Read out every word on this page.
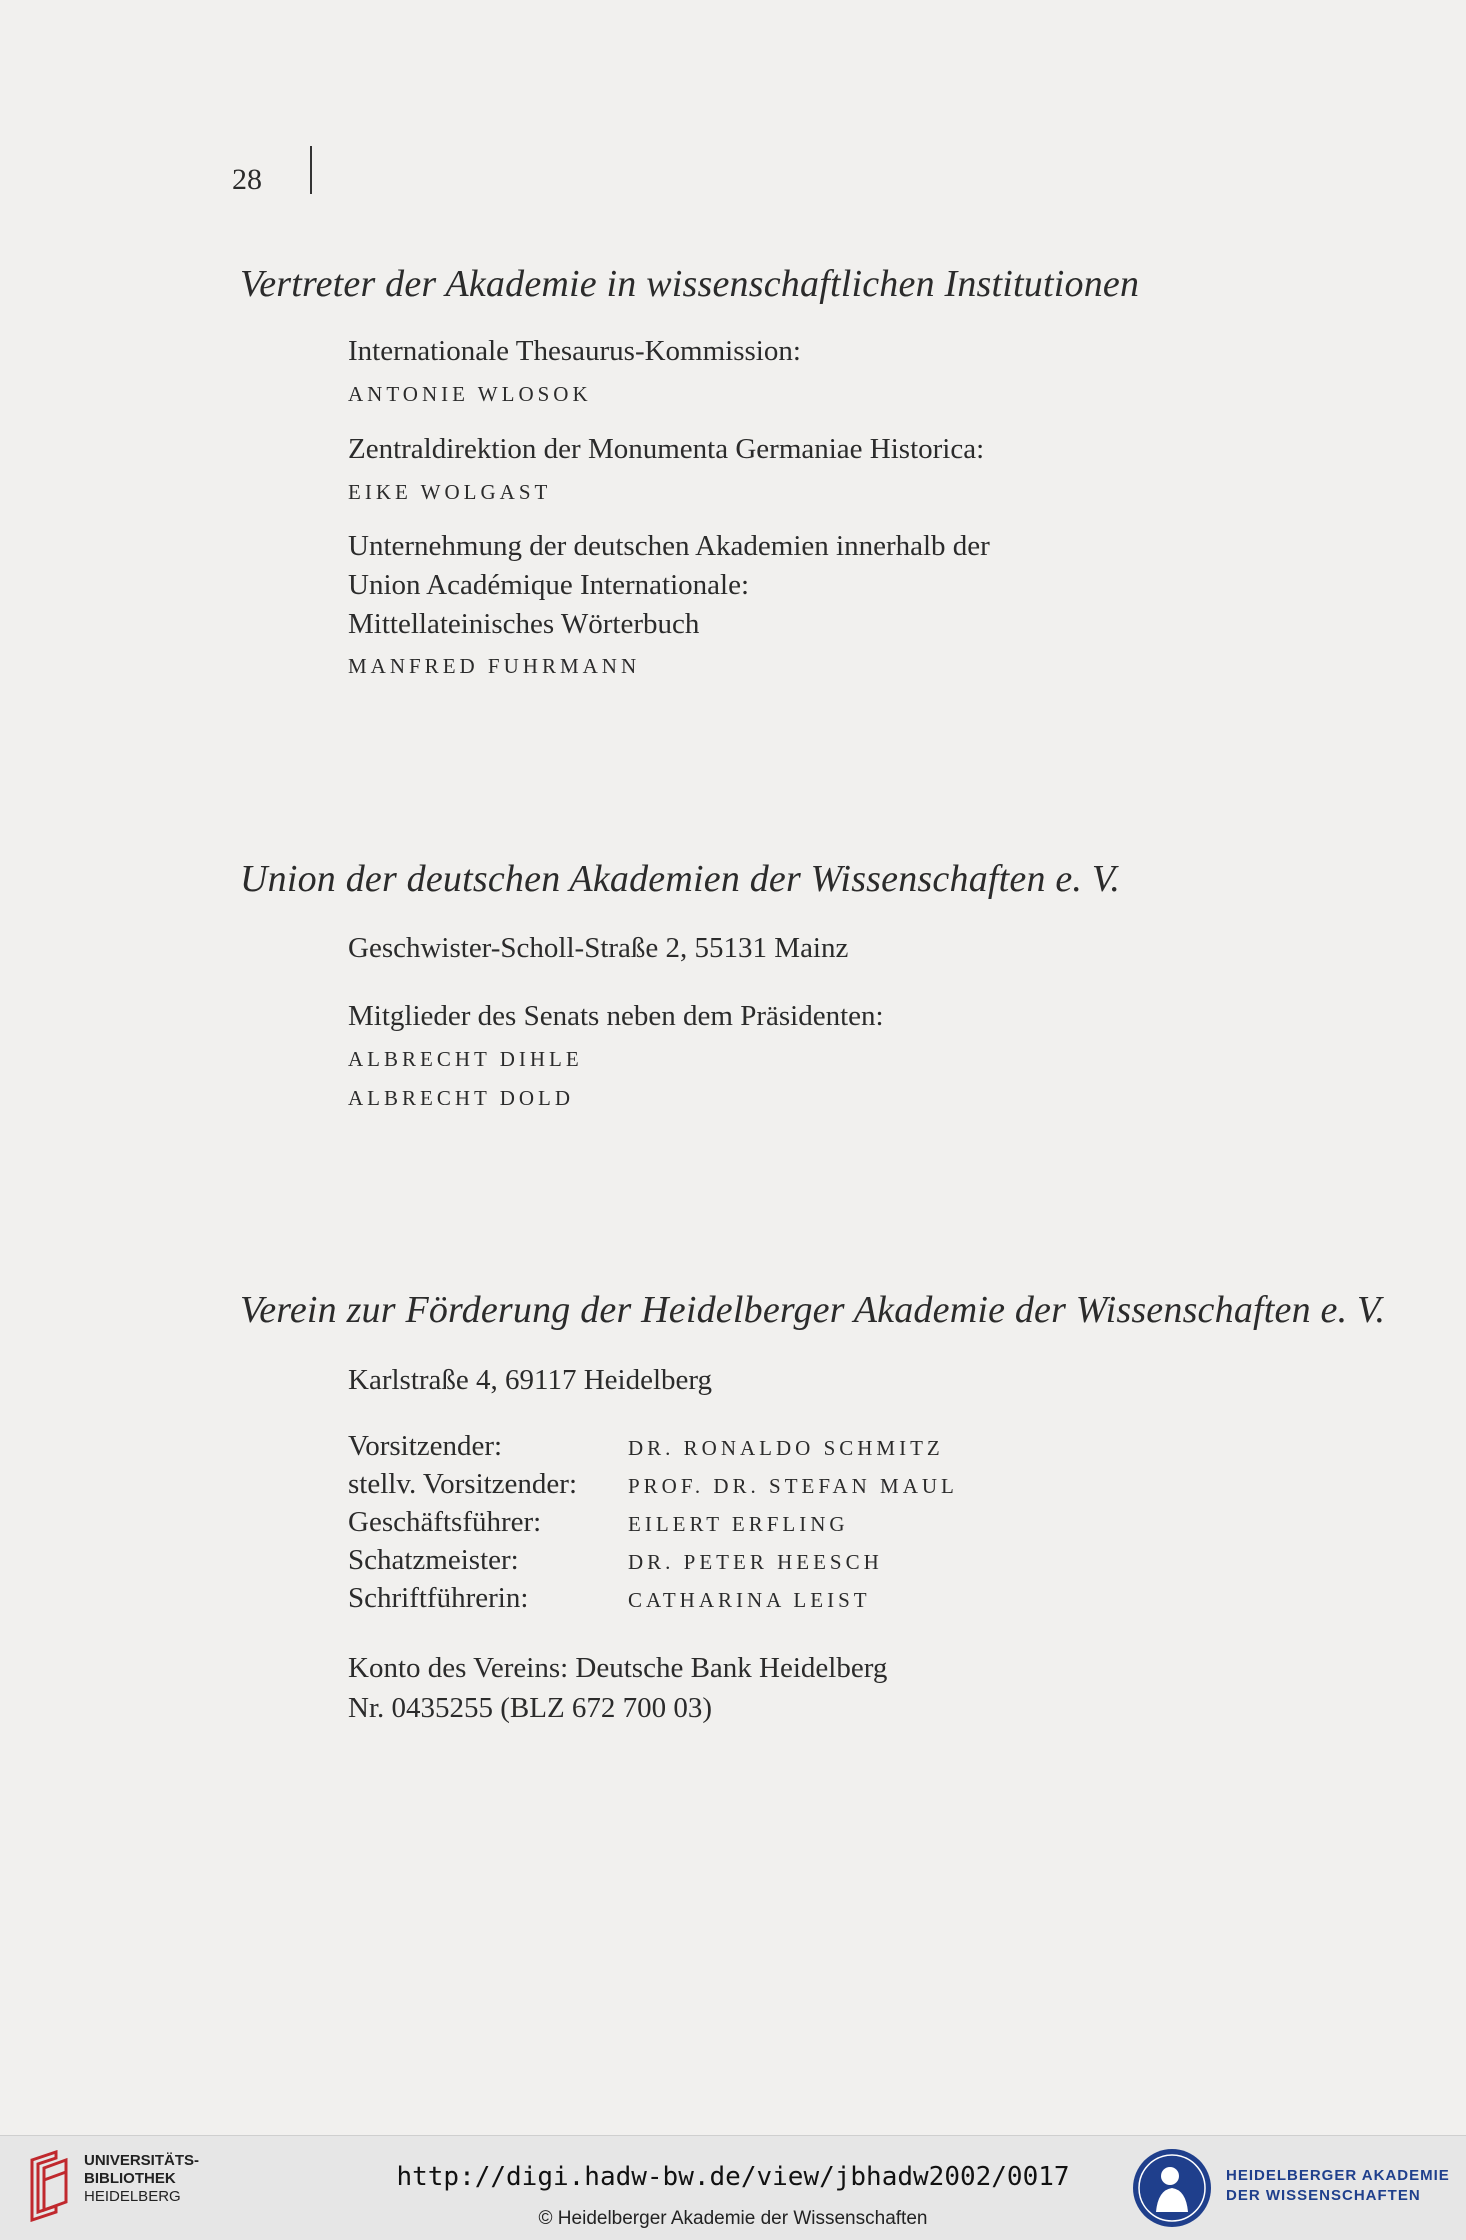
28
Vertreter der Akademie in wissenschaftlichen Institutionen
Internationale Thesaurus-Kommission:
ANTONIE WLOSOK
Zentraldirektion der Monumenta Germaniae Historica:
EIKE WOLGAST
Unternehmung der deutschen Akademien innerhalb der
Union Académique Internationale:
Mittellateinisches Wörterbuch
MANFRED FUHRMANN
Union der deutschen Akademien der Wissenschaften e. V.
Geschwister-Scholl-Straße 2, 55131 Mainz
Mitglieder des Senats neben dem Präsidenten:
ALBRECHT DIHLE
ALBRECHT DOLD
Verein zur Förderung der Heidelberger Akademie der Wissenschaften e. V.
Karlstraße 4, 69117 Heidelberg
Vorsitzender:	DR. RONALDO SCHMITZ
stellv. Vorsitzender: PROF. DR. STEFAN MAUL
Geschäftsführer:	EILERT ERFLING
Schatzmeister:	DR. PETER HEESCH
Schriftführerin:	CATHARINA LEIST
Konto des Vereins: Deutsche Bank Heidelberg
Nr. 0435255 (BLZ 672 700 03)
UNIVERSITÄTS-
BIBLIOTHEK
HEIDELBERG
http://digi.hadw-bw.de/view/jbhadw2002/0017
© Heidelberger Akademie der Wissenschaften
HEIDELBERGER AKADEMIE
DER WISSENSCHAFTEN
